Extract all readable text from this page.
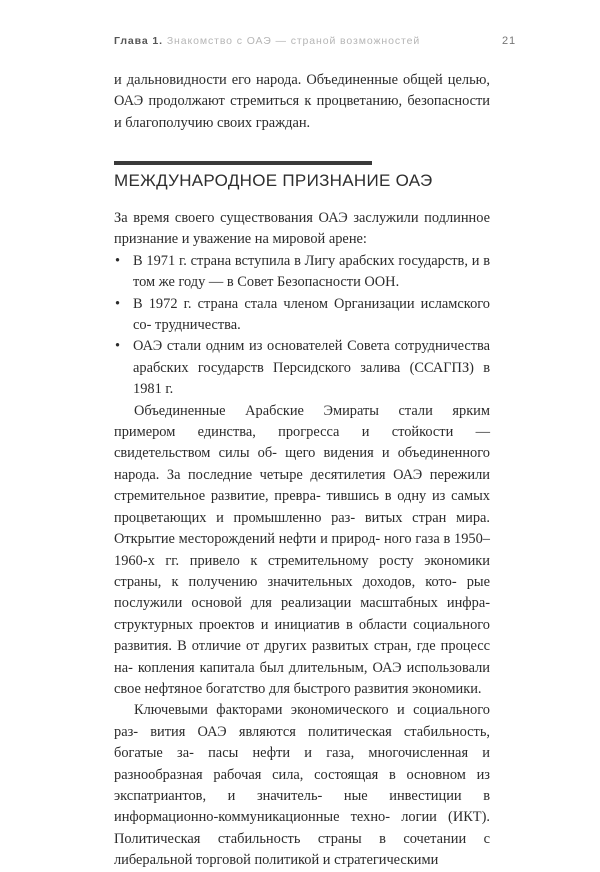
Глава 1. Знакомство с ОАЭ — страной возможностей	21

и дальновидности его народа. Объединенные общей целью, ОАЭ продолжают стремиться к процветанию, безопасности и благополучию своих граждан.

МЕЖДУНАРОДНОЕ ПРИЗНАНИЕ ОАЭ

За время своего существования ОАЭ заслужили подлинное признание и уважение на мировой арене:

• В 1971 г. страна вступила в Лигу арабских государств, и в том же году — в Совет Безопасности ООН.
• В 1972 г. страна стала членом Организации исламского со- трудничества.
• ОАЭ стали одним из основателей Совета сотрудничества арабских государств Персидского залива (ССАГПЗ) в 1981 г.

Объединенные Арабские Эмираты стали ярким примером единства, прогресса и стойкости — свидетельством силы об- щего видения и объединенного народа. За последние четыре десятилетия ОАЭ пережили стремительное развитие, превра- тившись в одну из самых процветающих и промышленно раз- витых стран мира. Открытие месторождений нефти и природ- ного газа в 1950–1960-х гг. привело к стремительному росту экономики страны, к получению значительных доходов, кото- рые послужили основой для реализации масштабных инфра- структурных проектов и инициатив в области социального развития. В отличие от других развитых стран, где процесс на- копления капитала был длительным, ОАЭ использовали свое нефтяное богатство для быстрого развития экономики.

Ключевыми факторами экономического и социального раз- вития ОАЭ являются политическая стабильность, богатые за- пасы нефти и газа, многочисленная и разнообразная рабочая сила, состоящая в основном из экспатриантов, и значитель- ные инвестиции в информационно-коммуникационные техно- логии (ИКТ). Политическая стабильность страны в сочетании с либеральной торговой политикой и стратегическими
